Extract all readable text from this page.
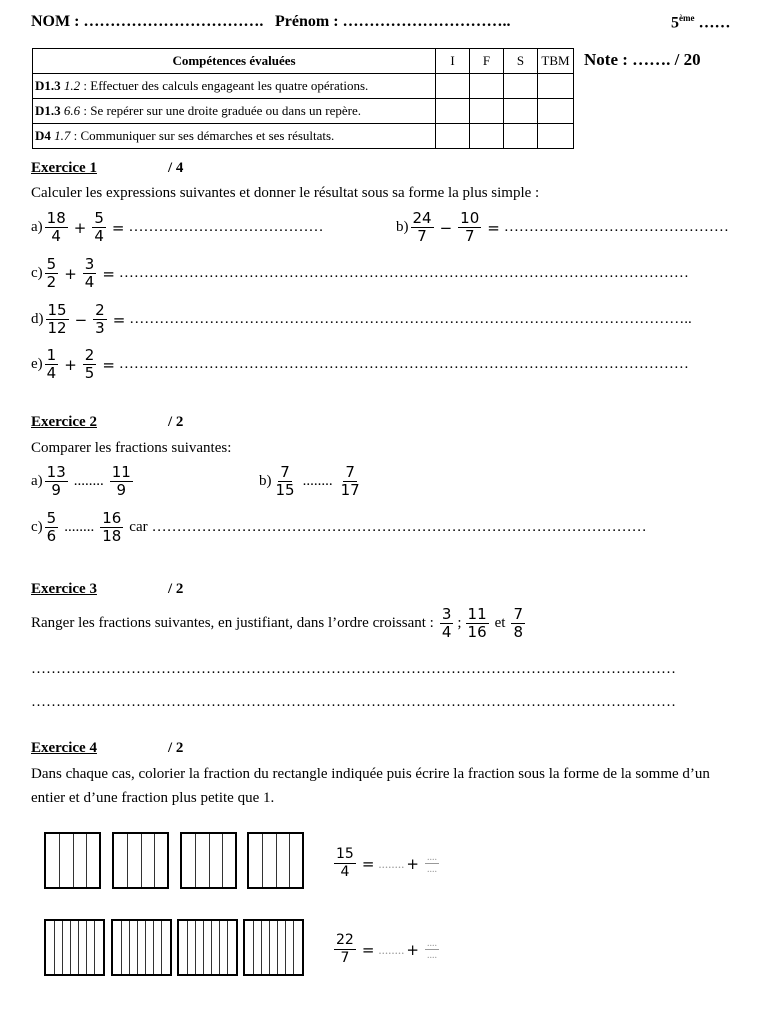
NOM : ……………………………. Prénom : …………………………..	5ème ……
Compétences évaluées	I	F	S	TBM
D1.3 1.2 : Effectuer des calculs engageant les quatre opérations.				
D1.3 6.6 : Se repérer sur une droite graduée ou dans un repère.				
D4 1.7 : Communiquer sur ses démarches et ses résultats.				
Note : ……. / 20
Exercice 1	/ 4
Calculer les expressions suivantes et donner le résultat sous sa forme la plus simple :
$a) \frac{18}{4} + \frac{5}{4}$ = …………………………………	$b) \frac{24}{7} - \frac{10}{7}$ = ………………………………………
$c) \frac{5}{2} + \frac{3}{4}$ = ……………………………………………………………………………………………………
$d) \frac{15}{12} - \frac{2}{3}$ = …………………………………………………………………………………………………..
$e) \frac{1}{4} + \frac{2}{5}$ = ……………………………………………………………………………………………………
Exercice 2	/ 2
Comparer les fractions suivantes:
$a) \frac{13}{9}$ ........ $\frac{11}{9}$	$b) \frac{7}{15}$ ........ $\frac{7}{17}$
$c) \frac{5}{6}$ ........ $\frac{16}{18}$ car ………………………………………………………………………………………
Exercice 3	/ 2
Ranger les fractions suivantes, en justifiant, dans l’ordre croissant : $\frac{3}{4}$ ; $\frac{11}{16}$ et $\frac{7}{8}$
…………………………………………………………………………………………………………………
…………………………………………………………………………………………………………………
Exercice 4	/ 2
Dans chaque cas, colorier la fraction du rectangle indiquée puis écrire la fraction sous la forme de la somme d’un
entier et d’une fraction plus petite que 1.
$\frac{15}{4}$ = ........ + $\frac{....}{....}$
$\frac{22}{7}$ = ........ + $\frac{....}{....}$
